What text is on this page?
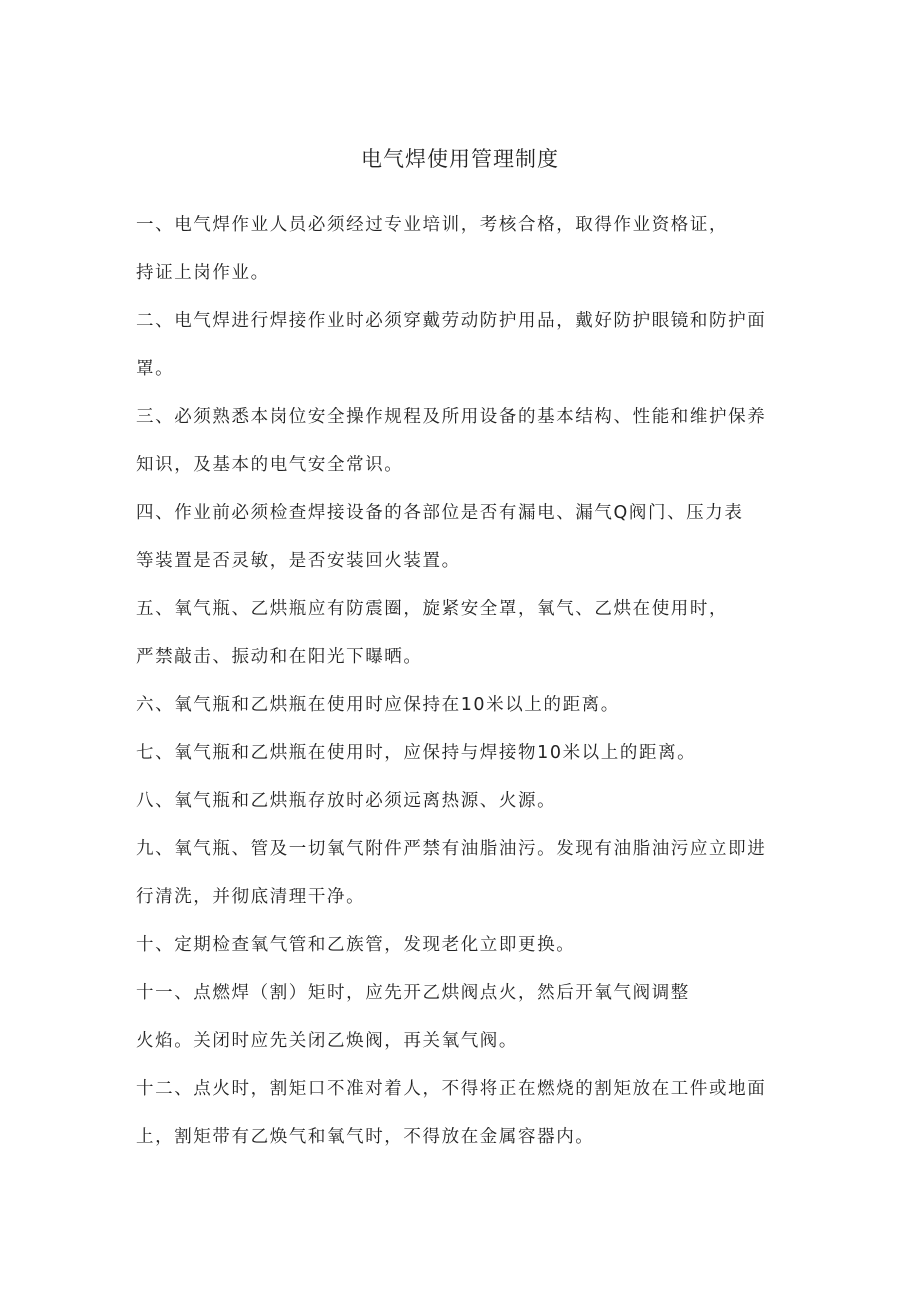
电气焊使用管理制度
一、电气焊作业人员必须经过专业培训，考核合格，取得作业资格证，
持证上岗作业。
二、电气焊进行焊接作业时必须穿戴劳动防护用品，戴好防护眼镜和防护面
罩。
三、必须熟悉本岗位安全操作规程及所用设备的基本结构、性能和维护保养
知识，及基本的电气安全常识。
四、作业前必须检查焊接设备的各部位是否有漏电、漏气Q阀门、压力表
等装置是否灵敏，是否安装回火装置。
五、氧气瓶、乙烘瓶应有防震圈，旋紧安全罩，氧气、乙烘在使用时，
严禁敲击、振动和在阳光下曝晒。
六、氧气瓶和乙烘瓶在使用时应保持在10米以上的距离。
七、氧气瓶和乙烘瓶在使用时，应保持与焊接物10米以上的距离。
八、氧气瓶和乙烘瓶存放时必须远离热源、火源。
九、氧气瓶、管及一切氧气附件严禁有油脂油污。发现有油脂油污应立即进
行清洗，并彻底清理干净。
十、定期检查氧气管和乙族管，发现老化立即更换。
十一、点燃焊（割）矩时，应先开乙烘阀点火，然后开氧气阀调整
火焰。关闭时应先关闭乙焕阀，再关氧气阀。
十二、点火时，割矩口不准对着人，不得将正在燃烧的割矩放在工件或地面
上，割矩带有乙焕气和氧气时，不得放在金属容器内。
